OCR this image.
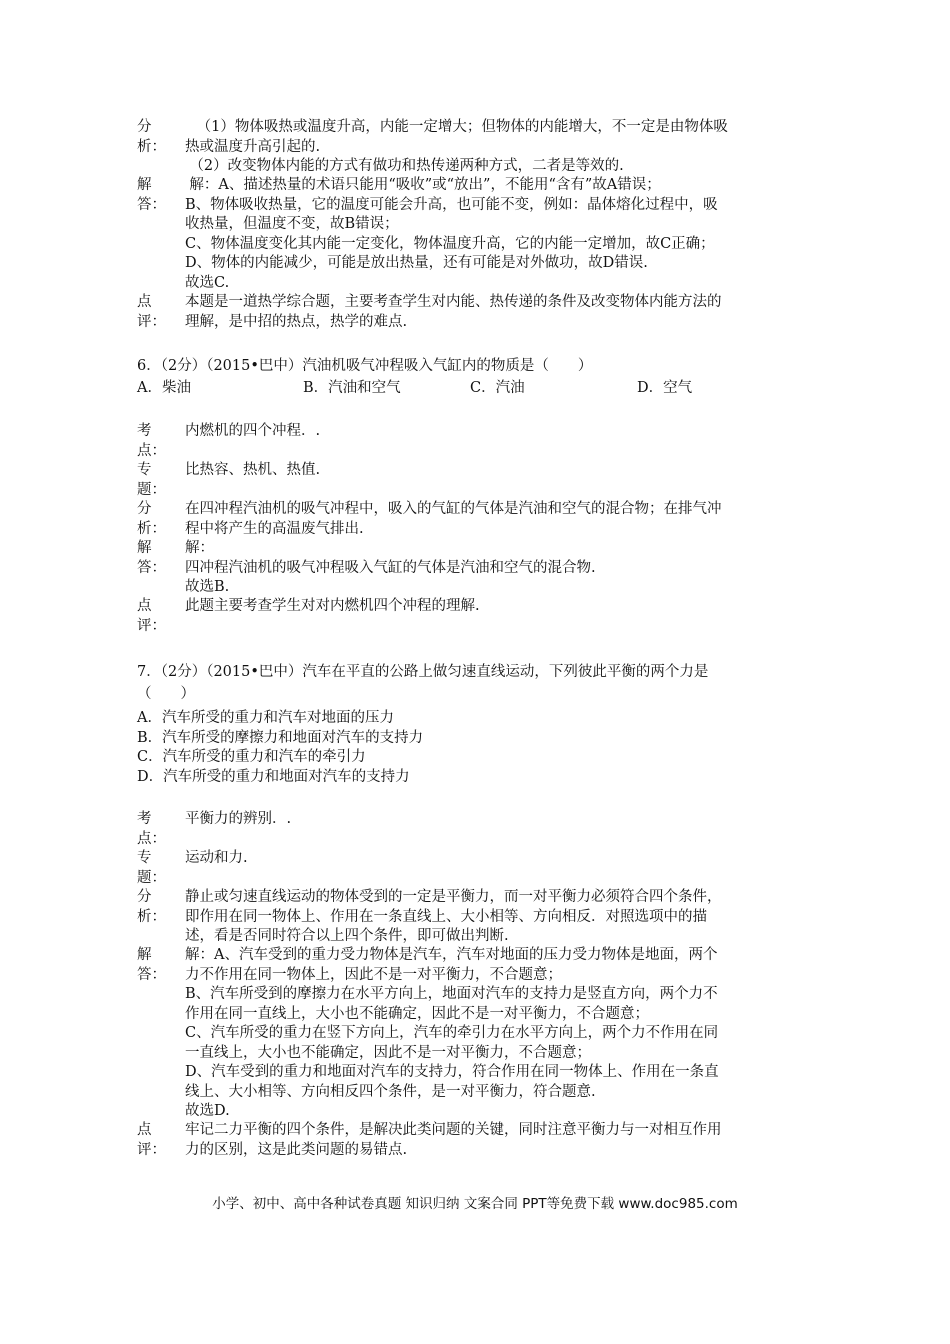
分
析：

（1）物体吸热或温度升高，内能一定增大；但物体的内能增大，不一定是由物体吸

热或温度升高引起的.

（2）改变物体内能的方式有做功和热传递两种方式，二者是等效的.

解
答：

解：A、描述热量的术语只能用“吸收”或“放出”，不能用“含有”故A错误；

B、物体吸收热量，它的温度可能会升高，也可能不变，例如：晶体熔化过程中，吸

收热量，但温度不变，故B错误；

C、物体温度变化其内能一定变化，物体温度升高，它的内能一定增加，故C正确；

D、物体的内能减少，可能是放出热量，还有可能是对外做功，故D错误.

故选C.

点
评：

本题是一道热学综合题，主要考查学生对内能、热传递的条件及改变物体内能方法的

理解，是中招的热点，热学的难点.

6．（2分）（2015•巴中）汽油机吸气冲程吸入气缸内的物质是（　　）

A．柴油	B．汽油和空气	C．汽油	D．空气
考
点：

内燃机的四个冲程．.

专
题：

比热容、热机、热值.

分
析：

在四冲程汽油机的吸气冲程中，吸入的气缸的气体是汽油和空气的混合物；在排气冲

程中将产生的高温废气排出.

解
答：

解：

四冲程汽油机的吸气冲程吸入气缸的气体是汽油和空气的混合物.

故选B.

点
评：

此题主要考查学生对对内燃机四个冲程的理解.

7．（2分）（2015•巴中）汽车在平直的公路上做匀速直线运动，下列彼此平衡的两个力是

（　　）

A．汽车所受的重力和汽车对地面的压力

B．汽车所受的摩擦力和地面对汽车的支持力

C．汽车所受的重力和汽车的牵引力

D．汽车所受的重力和地面对汽车的支持力

考
点：

平衡力的辨别．.

专
题：

运动和力.

分
析：

静止或匀速直线运动的物体受到的一定是平衡力，而一对平衡力必须符合四个条件，

即作用在同一物体上、作用在一条直线上、大小相等、方向相反．对照选项中的描

述，看是否同时符合以上四个条件，即可做出判断.

解
答：

解：A、汽车受到的重力受力物体是汽车，汽车对地面的压力受力物体是地面，两个

力不作用在同一物体上，因此不是一对平衡力，不合题意；

B、汽车所受到的摩擦力在水平方向上，地面对汽车的支持力是竖直方向，两个力不

作用在同一直线上，大小也不能确定，因此不是一对平衡力，不合题意；

C、汽车所受的重力在竖下方向上，汽车的牵引力在水平方向上，两个力不作用在同

一直线上，大小也不能确定，因此不是一对平衡力，不合题意；

D、汽车受到的重力和地面对汽车的支持力，符合作用在同一物体上、作用在一条直

线上、大小相等、方向相反四个条件，是一对平衡力，符合题意.

故选D.

点
评：

牢记二力平衡的四个条件，是解决此类问题的关键，同时注意平衡力与一对相互作用

力的区别，这是此类问题的易错点.

小学、初中、高中各种试卷真题 知识归纳 文案合同 PPT等免费下载 www.doc985.com
